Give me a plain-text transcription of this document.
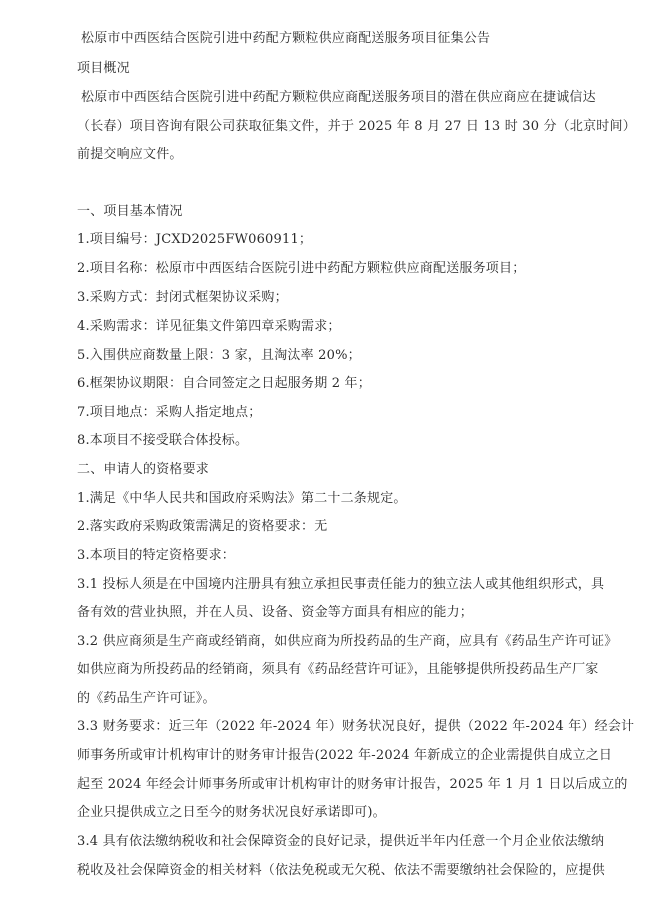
松原市中西医结合医院引进中药配方颗粒供应商配送服务项目征集公告
项目概况
松原市中西医结合医院引进中药配方颗粒供应商配送服务项目的潜在供应商应在捷诚信达
（长春）项目咨询有限公司获取征集文件，并于 2025 年 8 月 27 日 13 时 30 分（北京时间）
前提交响应文件。
一、项目基本情况
1.项目编号：JCXD2025FW060911；
2.项目名称：松原市中西医结合医院引进中药配方颗粒供应商配送服务项目；
3.采购方式：封闭式框架协议采购；
4.采购需求：详见征集文件第四章采购需求；
5.入围供应商数量上限：3 家，且淘汰率 20%；
6.框架协议期限：自合同签定之日起服务期 2 年；
7.项目地点：采购人指定地点；
8.本项目不接受联合体投标。
二、申请人的资格要求
1.满足《中华人民共和国政府采购法》第二十二条规定。
2.落实政府采购政策需满足的资格要求：无
3.本项目的特定资格要求：
3.1 投标人须是在中国境内注册具有独立承担民事责任能力的独立法人或其他组织形式，具
备有效的营业执照，并在人员、设备、资金等方面具有相应的能力；
3.2 供应商须是生产商或经销商，如供应商为所投药品的生产商，应具有《药品生产许可证》
如供应商为所投药品的经销商，须具有《药品经营许可证》，且能够提供所投药品生产厂家
的《药品生产许可证》。
3.3 财务要求：近三年（2022 年-2024 年）财务状况良好，提供（2022 年-2024 年）经会计
师事务所或审计机构审计的财务审计报告(2022 年-2024 年新成立的企业需提供自成立之日
起至 2024 年经会计师事务所或审计机构审计的财务审计报告，2025 年 1 月 1 日以后成立的
企业只提供成立之日至今的财务状况良好承诺即可)。
3.4 具有依法缴纳税收和社会保障资金的良好记录，提供近半年内任意一个月企业依法缴纳
税收及社会保障资金的相关材料（依法免税或无欠税、依法不需要缴纳社会保险的，应提供
